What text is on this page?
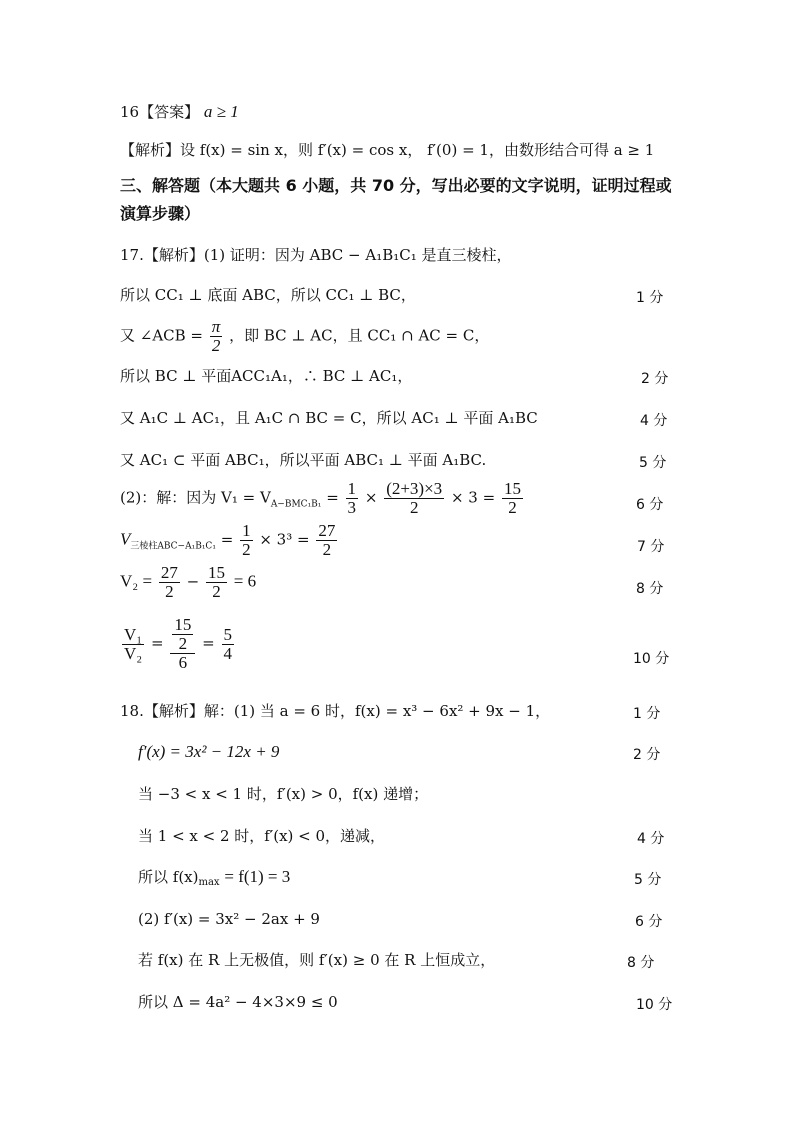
16【答案】 a ≥ 1
【解析】设 f(x) = sin x，则 f′(x) = cos x， f′(0) = 1，由数形结合可得 a ≥ 1
三、解答题（本大题共 6 小题，共 70 分，写出必要的文字说明，证明过程或演算步骤）
17.【解析】(1) 证明：因为 ABC − A₁B₁C₁ 是直三棱柱，
所以 CC₁ ⊥ 底面 ABC，所以 CC₁ ⊥ BC，	1 分
又 ∠ACB = $\frac{\pi}{2}$ ，即 BC ⊥ AC，且 CC₁ ∩ AC = C，
所以 BC ⊥ 平面ACC₁A₁，∴ BC ⊥ AC₁，	2 分
又 A₁C ⊥ AC₁，且 A₁C ∩ BC = C，所以 AC₁ ⊥ 平面 A₁BC	4 分
又 AC₁ ⊂ 平面 ABC₁，所以平面 ABC₁ ⊥ 平面 A₁BC.	5 分
(2)：解：因为 $V_1 = V_{A-BMC_1B_1} = \frac{1}{3} \times \frac{(2+3)\times 3}{2} \times 3 = \frac{15}{2}$	6 分
$V_{三棱柱ABC-A_1B_1C_1} = \frac{1}{2} \times 3^3 = \frac{27}{2}$	7 分
$V_2 = \frac{27}{2} - \frac{15}{2} = 6$	8 分
$\frac{\text{V₁}}{\text{V₂}} = \frac{\frac{15}{2}}{6} = \frac{5}{4}$	10 分
18.【解析】解：(1) 当 a = 6 时，f(x) = x³ − 6x² + 9x − 1，	1 分
f′(x) = 3x² − 12x + 9	2 分
当 −3 < x < 1 时，f′(x) > 0，f(x) 递增；
当 1 < x < 2 时，f′(x) < 0，递减，	4 分
所以 $f(x)_{max} = f(1) = 3$	5 分
(2) f′(x) = 3x² − 2ax + 9	6 分
若 f(x) 在 R 上无极值，则 f′(x) ≥ 0 在 R 上恒成立，	8 分
所以 Δ = 4a² − 4×3×9 ≤ 0	10 分
